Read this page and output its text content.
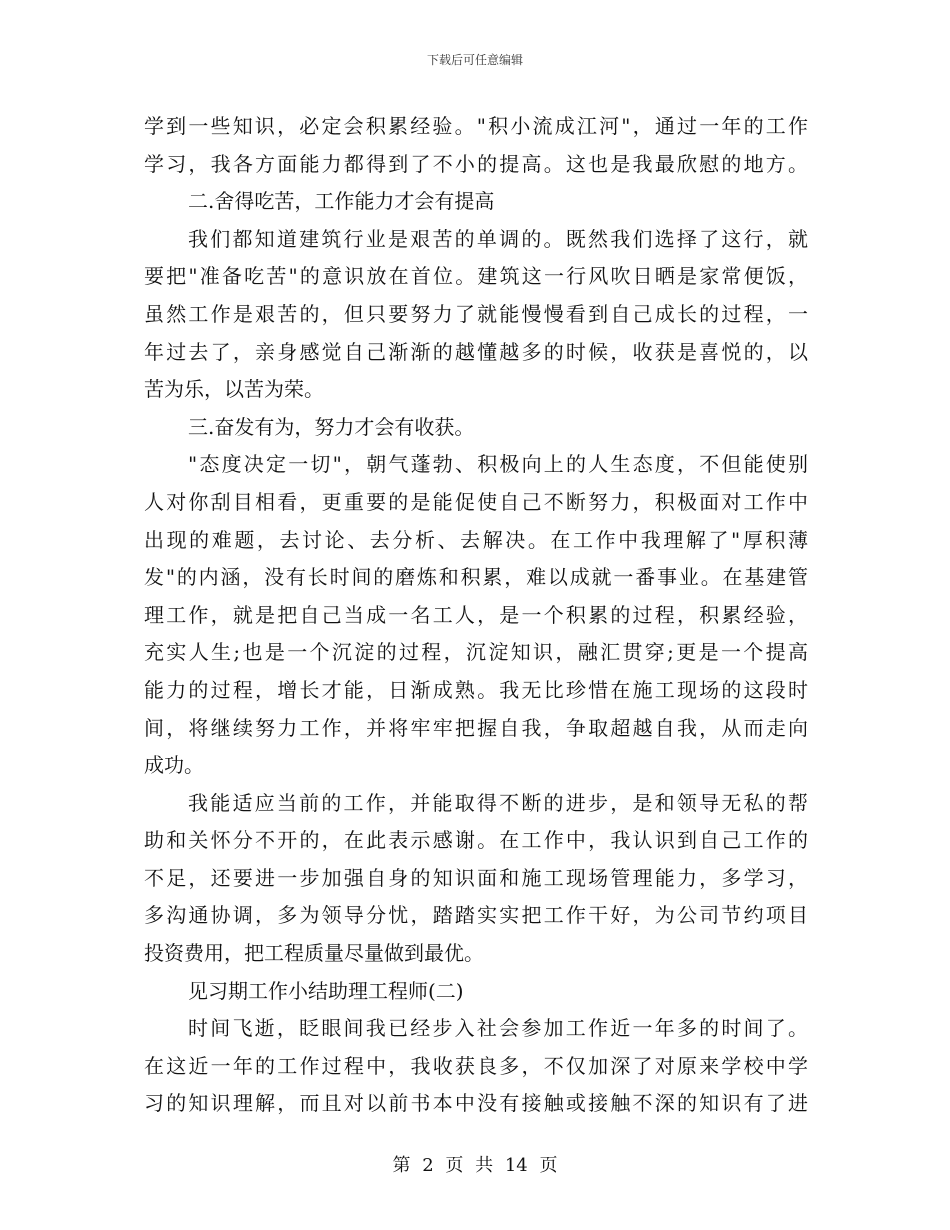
下载后可任意编辑
学到一些知识，必定会积累经验。"积小流成江河"，通过一年的工作
学习，我各方面能力都得到了不小的提高。这也是我最欣慰的地方。
二.舍得吃苦，工作能力才会有提高
我们都知道建筑行业是艰苦的单调的。既然我们选择了这行，就
要把"准备吃苦"的意识放在首位。建筑这一行风吹日晒是家常便饭，
虽然工作是艰苦的，但只要努力了就能慢慢看到自己成长的过程，一
年过去了，亲身感觉自己渐渐的越懂越多的时候，收获是喜悦的，以
苦为乐，以苦为荣。
三.奋发有为，努力才会有收获。
"态度决定一切"，朝气蓬勃、积极向上的人生态度，不但能使别
人对你刮目相看，更重要的是能促使自己不断努力，积极面对工作中
出现的难题，去讨论、去分析、去解决。在工作中我理解了"厚积薄
发"的内涵，没有长时间的磨炼和积累，难以成就一番事业。在基建管
理工作，就是把自己当成一名工人，是一个积累的过程，积累经验，
充实人生;也是一个沉淀的过程，沉淀知识，融汇贯穿;更是一个提高
能力的过程，增长才能，日渐成熟。我无比珍惜在施工现场的这段时
间，将继续努力工作，并将牢牢把握自我，争取超越自我，从而走向
成功。
我能适应当前的工作，并能取得不断的进步，是和领导无私的帮
助和关怀分不开的，在此表示感谢。在工作中，我认识到自己工作的
不足，还要进一步加强自身的知识面和施工现场管理能力，多学习，
多沟通协调，多为领导分忧，踏踏实实把工作干好，为公司节约项目
投资费用，把工程质量尽量做到最优。
见习期工作小结助理工程师(二)
时间飞逝，眨眼间我已经步入社会参加工作近一年多的时间了。
在这近一年的工作过程中，我收获良多，不仅加深了对原来学校中学
习的知识理解，而且对以前书本中没有接触或接触不深的知识有了进
第 2 页 共 14 页
